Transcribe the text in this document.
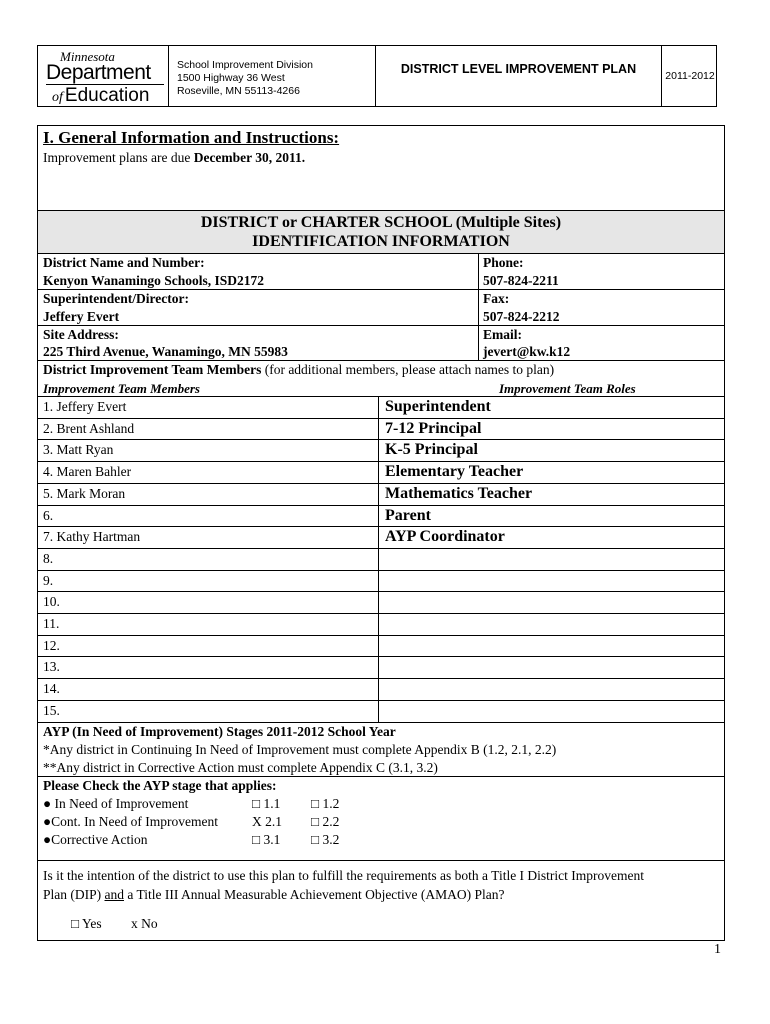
Minnesota
Department
of Education
School Improvement Division
1500 Highway 36 West
Roseville, MN 55113-4266
DISTRICT LEVEL IMPROVEMENT PLAN	2011-2012
I. General Information and Instructions:
Improvement plans are due December 30, 2011.
DISTRICT or CHARTER SCHOOL (Multiple Sites)
IDENTIFICATION INFORMATION
District Name and Number:
Kenyon Wanamingo Schools, ISD2172
Phone:
507-824-2211
Superintendent/Director:
Jeffery Evert
Fax:
507-824-2212
Site Address:
225 Third Avenue, Wanamingo, MN 55983
Email:
jevert@kw.k12
District Improvement Team Members (for additional members, please attach names to plan)
Improvement Team Members	Improvement Team Roles
1. Jeffery Evert	Superintendent
2. Brent Ashland	7-12 Principal
3. Matt Ryan	K-5 Principal
4. Maren Bahler	Elementary Teacher
5. Mark Moran	Mathematics Teacher
6.	Parent
7. Kathy Hartman	AYP Coordinator
8.
9.
10.
11.
12.
13.
14.
15.
AYP (In Need of Improvement) Stages 2011-2012 School Year
*Any district in Continuing In Need of Improvement must complete Appendix B (1.2, 2.1, 2.2)
**Any district in Corrective Action must complete Appendix C (3.1, 3.2)
Please Check the AYP stage that applies:
● In Need of Improvement	□ 1.1 □ 1.2
●Cont. In Need of Improvement	X 2.1 □ 2.2
●Corrective Action	□ 3.1 □ 3.2
Is it the intention of the district to use this plan to fulfill the requirements as both a Title I District Improvement
Plan (DIP) and a Title III Annual Measurable Achievement Objective (AMAO) Plan?
□ Yes x No
1
